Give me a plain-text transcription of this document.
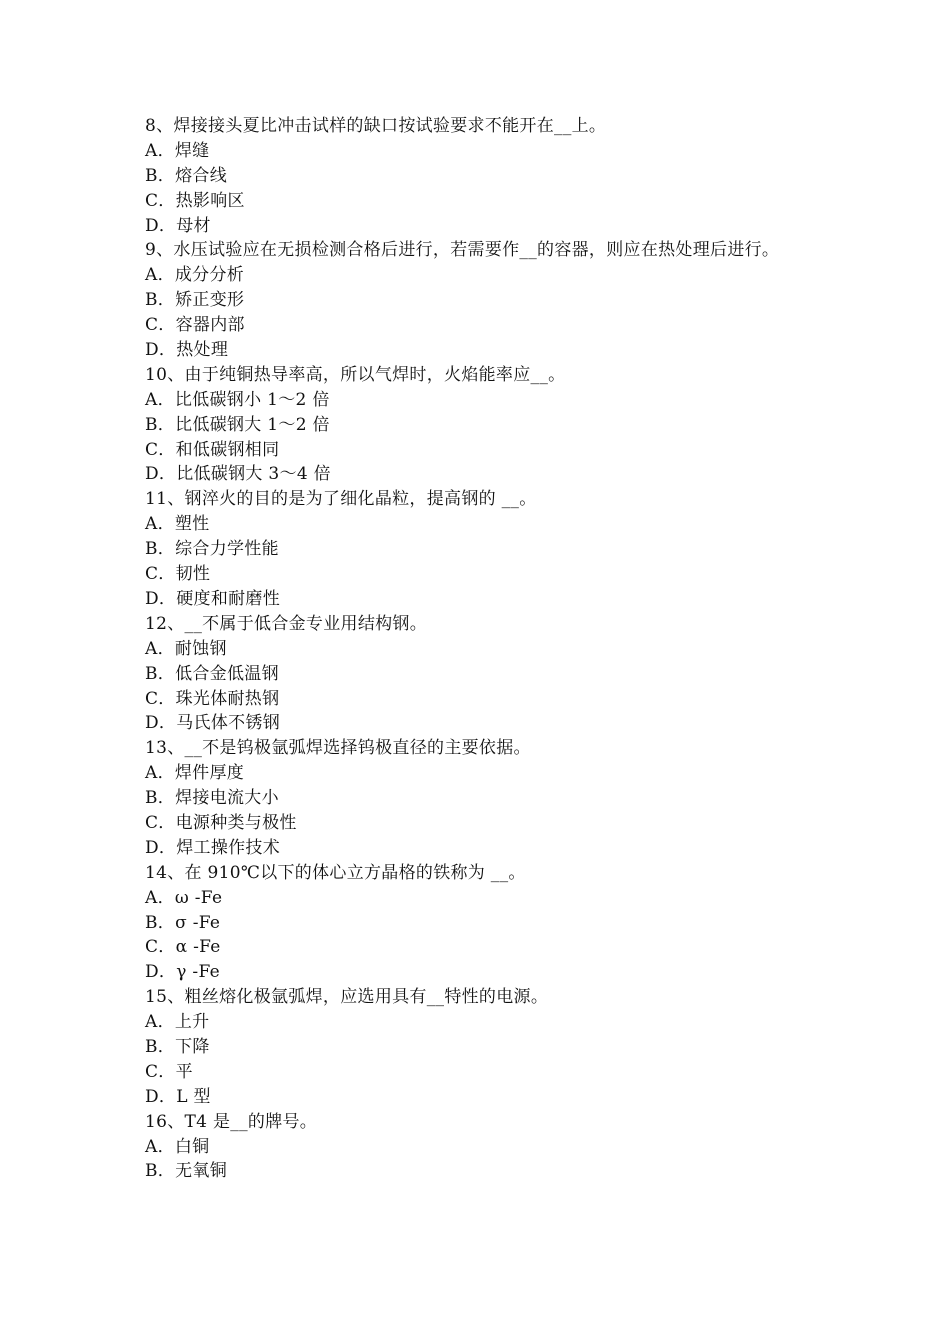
8、焊接接头夏比冲击试样的缺口按试验要求不能开在__上。
A．焊缝
B．熔合线
C．热影响区
D．母材
9、水压试验应在无损检测合格后进行，若需要作__的容器，则应在热处理后进行。
A．成分分析
B．矫正变形
C．容器内部
D．热处理
10、由于纯铜热导率高，所以气焊时，火焰能率应__。
A．比低碳钢小 1～2 倍
B．比低碳钢大 1～2 倍
C．和低碳钢相同
D．比低碳钢大 3～4 倍
11、钢淬火的目的是为了细化晶粒，提高钢的 __。
A．塑性
B．综合力学性能
C．韧性
D．硬度和耐磨性
12、__不属于低合金专业用结构钢。
A．耐蚀钢
B．低合金低温钢
C．珠光体耐热钢
D．马氏体不锈钢
13、__不是钨极氩弧焊选择钨极直径的主要依据。
A．焊件厚度
B．焊接电流大小
C．电源种类与极性
D．焊工操作技术
14、在 910℃以下的体心立方晶格的铁称为 __。
A．ω -Fe
B．σ -Fe
C．α -Fe
D．γ -Fe
15、粗丝熔化极氩弧焊，应选用具有__特性的电源。
A．上升
B．下降
C．平
D．L 型
16、T4 是__的牌号。
A．白铜
B．无氧铜
